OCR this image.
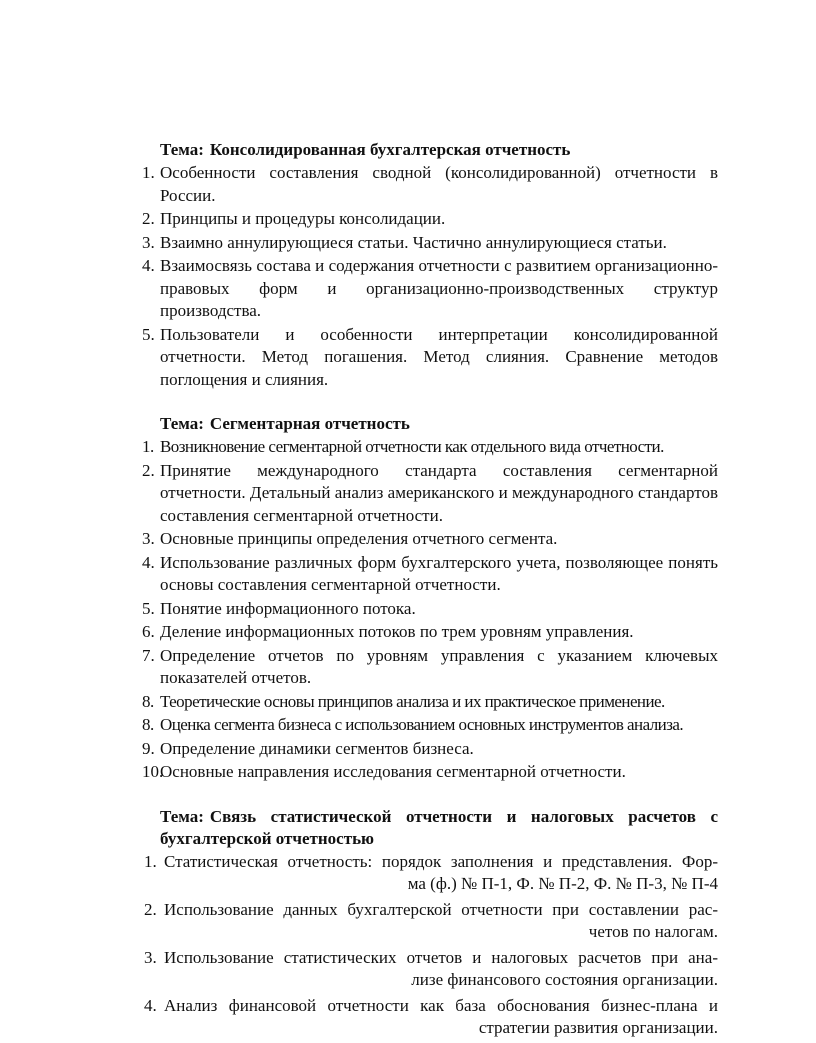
Тема: Консолидированная бухгалтерская отчетность
1. Особенности составления сводной (консолидированной) отчетности в России.
2. Принципы и процедуры консолидации.
3. Взаимно аннулирующиеся статьи. Частично аннулирующиеся статьи.
4. Взаимосвязь состава и содержания отчетности с развитием организационно-правовых форм и организационно-производственных структур производства.
5. Пользователи и особенности интерпретации консолидированной отчетности. Метод погашения. Метод слияния. Сравнение методов поглощения и слияния.
Тема: Сегментарная отчетность
1. Возникновение сегментарной отчетности как отдельного вида отчетности.
2. Принятие международного стандарта составления сегментарной отчетности. Детальный анализ американского и международного стандартов составления сегментарной отчетности.
3. Основные принципы определения отчетного сегмента.
4. Использование различных форм бухгалтерского учета, позволяющее понять основы составления сегментарной отчетности.
5. Понятие информационного потока.
6. Деление информационных потоков по трем уровням управления.
7. Определение отчетов по уровням управления с указанием ключевых показателей отчетов.
8. Теоретические основы принципов анализа и их практическое применение.
8. Оценка сегмента бизнеса с использованием основных инструментов анализа.
9. Определение динамики сегментов бизнеса.
10.
Основные направления исследования сегментарной отчетности.
Тема: Связь статистической отчетности и налоговых расчетов с бухгалтерской отчетностью
1. Статистическая отчетность: порядок заполнения и представления. Фор-
ма (ф.) № П-1, Ф. № П-2, Ф. № П-3, № П-4
2. Использование данных бухгалтерской отчетности при составлении рас-
четов по налогам.
3. Использование статистических отчетов и налоговых расчетов при ана-
лизе финансового состояния организации.
4. Анализ финансовой отчетности как база обоснования бизнес-плана и
стратегии развития организации.
